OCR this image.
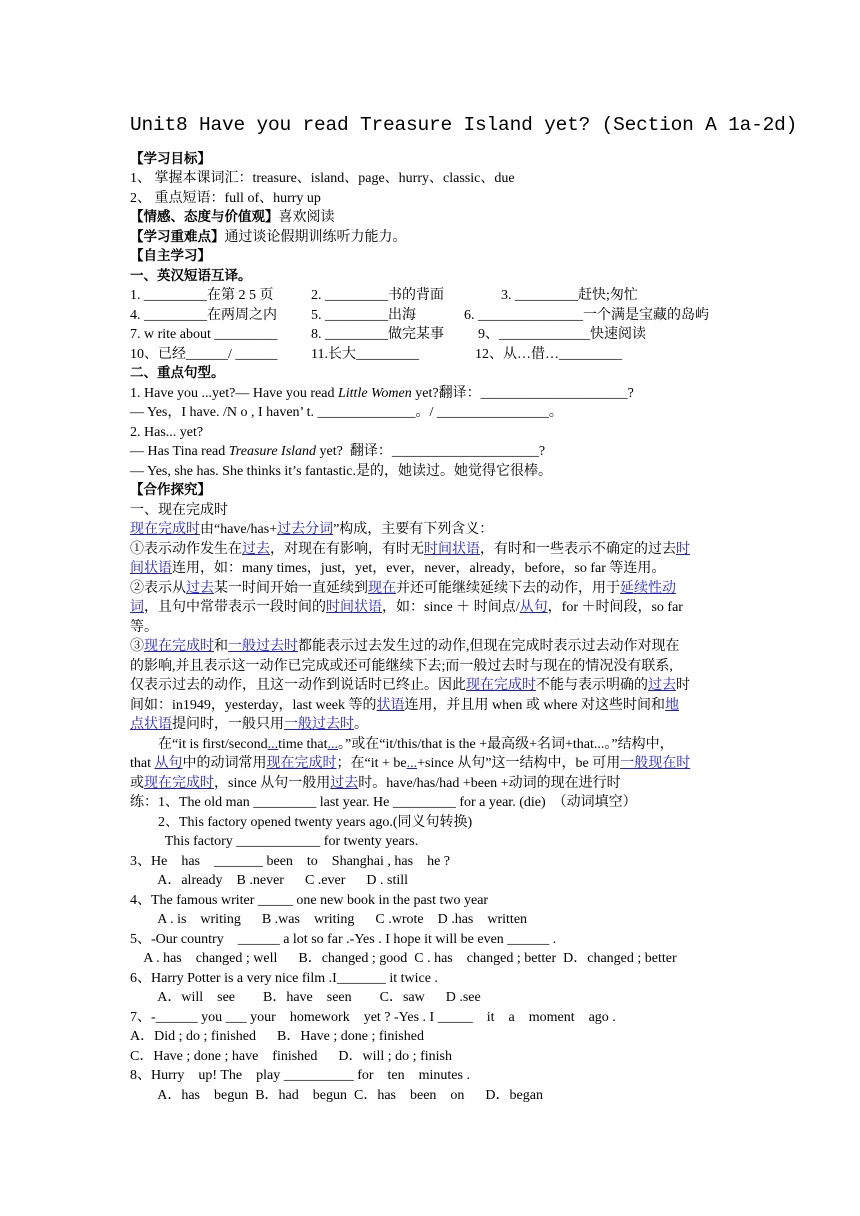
Unit8 Have you read Treasure Island yet? (Section A 1a-2d)
【学习目标】
1、 掌握本课词汇：treasure、island、page、hurry、classic、due
2、 重点短语：full of、hurry up
【情感、态度与价值观】喜欢阅读
【学习重难点】通过谈论假期训练听力能力。
【自主学习】
一、英汉短语互译。
1. _________在第 2 5 页	2. _________书的背面	3. _________赶快;匆忙
4. _________在两周之内 5. _________出海	6. _______________一个满是宝藏的岛屿
7. w rite about _________ 8. _________做完某事 9、_____________快速阅读
10、已经______/ ______ 11.长大_________	12、从…借…_________
二、重点句型。
1. Have you ...yet?— Have you read Little Women yet?翻译：_____________________?
— Yes，I have. /N o , I haven’ t. ______________。/ ________________。
2. Has... yet?
— Has Tina read Treasure Island yet?  翻译：_____________________?
— Yes, she has. She thinks it’s fantastic.是的，她读过。她觉得它很棒。
【合作探究】
一、现在完成时
现在完成时由“have/has+过去分词”构成，主要有下列含义：
①表示动作发生在过去，对现在有影响，有时无时间状语，有时和一些表示不确定的过去时
间状语连用，如：many times，just，yet，ever，never，already，before，so far 等连用。
②表示从过去某一时间开始一直延续到现在并还可能继续延续下去的动作，用于延续性动
词，且句中常带表示一段时间的时间状语，如：since ＋ 时间点/从句，for ＋时间段，so far
等。
③现在完成时和一般过去时都能表示过去发生过的动作,但现在完成时表示过去动作对现在
的影响,并且表示这一动作已完成或还可能继续下去;而一般过去时与现在的情况没有联系,
仅表示过去的动作，且这一动作到说话时已终止。因此现在完成时不能与表示明确的过去时
间如：in1949，yesterday，last week 等的状语连用，并且用 when 或 where 对这些时间和地
点状语提问时，一般只用一般过去时。
在“it is first/second...time that...。”或在“it/this/that is the +最高级+名词+that...。”结构中，
that 从句中的动词常用现在完成时；在“it + be...+since 从句”这一结构中，be 可用一般现在时
或现在完成时，since 从句一般用过去时。have/has/had +been +动词的现在进行时
练：1、The old man _________ last year. He _________ for a year. (die)  （动词填空）
2、This factory opened twenty years ago.(同义句转换)
This factory ____________ for twenty years.
3、He    has    _______ been    to    Shanghai , has    he ?
A．already    B .never      C .ever      D . still
4、The famous writer _____ one new book in the past two year
A . is    writing      B .was    writing      C .wrote    D .has    written
5、-Our country    ______ a lot so far .-Yes . I hope it will be even ______ .
A . has    changed ; well      B．changed ; good  C . has    changed ; better  D．changed ; better
6、Harry Potter is a very nice film .I_______ it twice .
A．will    see        B．have    seen        C．saw      D .see
7、-______ you ___ your    homework    yet ? -Yes . I _____    it    a    moment    ago .
A．Did ; do ; finished      B．Have ; done ; finished
C．Have ; done ; have    finished      D．will ; do ; finish
8、Hurry    up! The    play __________ for    ten    minutes .
A．has    begun  B．had    begun  C．has    been    on      D．began
